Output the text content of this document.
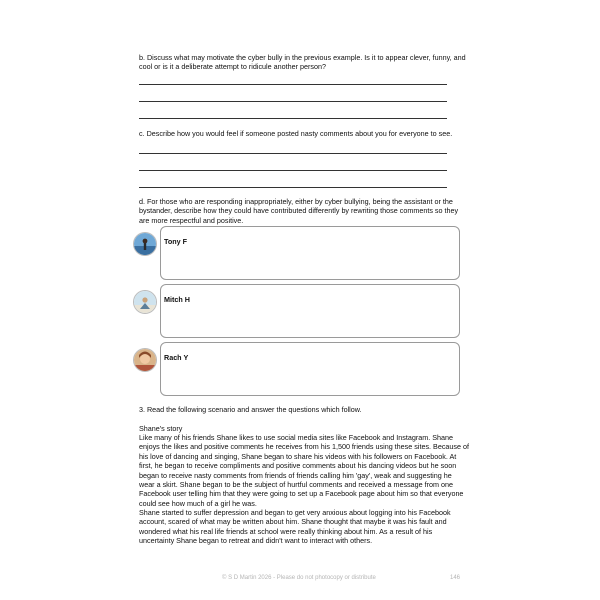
b. Discuss what may motivate the cyber bully in the previous example. Is it to appear clever, funny, and cool or is it a deliberate attempt to ridicule another person?
c. Describe how you would feel if someone posted nasty comments about you for everyone to see.
d. For those who are responding inappropriately, either by cyber bullying, being the assistant or the bystander, describe how they could have contributed differently by rewriting those comments so they are more respectful and positive.
Tony F
Mitch H
Rach Y
3. Read the following scenario and answer the questions which follow.
Shane's story
Like many of his friends Shane likes to use social media sites like Facebook and Instagram. Shane enjoys the likes and positive comments he receives from his 1,500 friends using these sites. Because of his love of dancing and singing, Shane began to share his videos with his followers on Facebook. At first, he began to receive compliments and positive comments about his dancing videos but he soon began to receive nasty comments from friends of friends calling him 'gay', weak and suggesting he wear a skirt. Shane began to be the subject of hurtful comments and received a message from one Facebook user telling him that they were going to set up a Facebook page about him so that everyone could see how much of a girl he was.
Shane started to suffer depression and began to get very anxious about logging into his Facebook account, scared of what may be written about him. Shane thought that maybe it was his fault and wondered what his real life friends at school were really thinking about him. As a result of his uncertainty Shane began to retreat and didn't want to interact with others.
© S D Martin 2026 - Please do not photocopy or distribute	146
